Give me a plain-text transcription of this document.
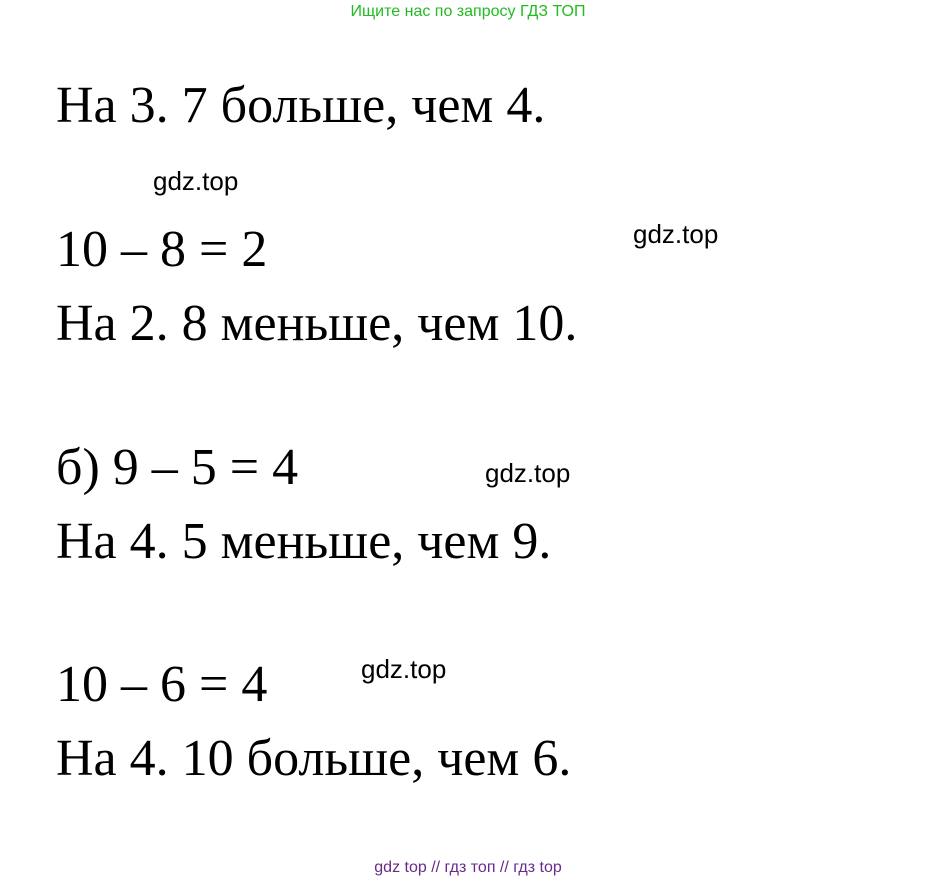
Ищите нас по запросу ГДЗ ТОП
На 3. 7 больше, чем 4.
gdz.top
10 – 8 = 2	gdz.top
На 2. 8 меньше, чем 10.
б) 9 – 5 = 4	gdz.top
На 4. 5 меньше, чем 9.
10 – 6 = 4	gdz.top
На 4. 10 больше, чем 6.
gdz top // гдз топ // гдз top
